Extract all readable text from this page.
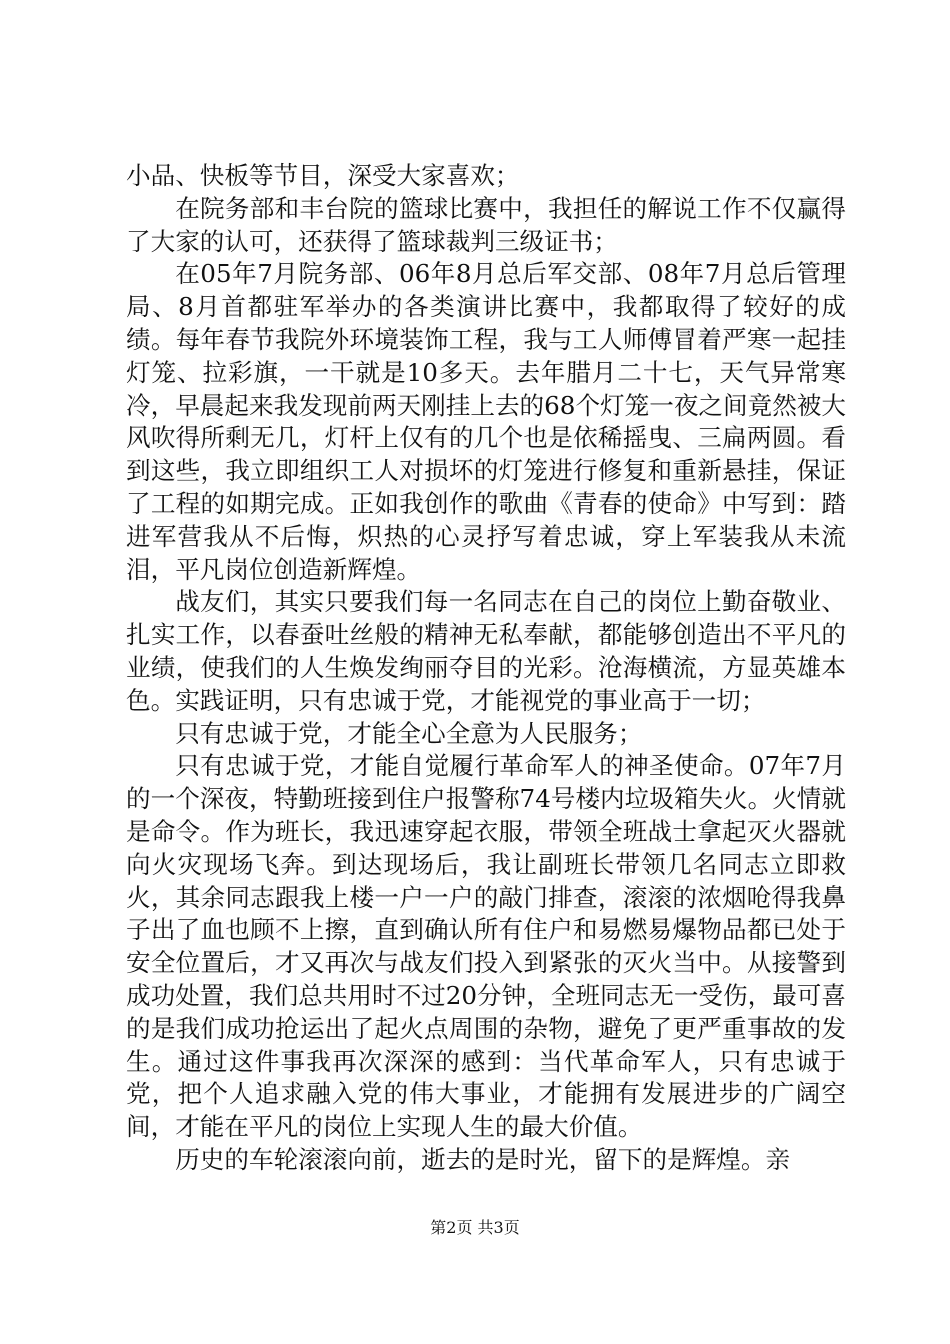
小品、快板等节目，深受大家喜欢；

在院务部和丰台院的篮球比赛中，我担任的解说工作不仅赢得了大家的认可，还获得了篮球裁判三级证书；

在05年7月院务部、06年8月总后军交部、08年7月总后管理局、8月首都驻军举办的各类演讲比赛中，我都取得了较好的成绩。每年春节我院外环境装饰工程，我与工人师傅冒着严寒一起挂灯笼、拉彩旗，一干就是10多天。去年腊月二十七，天气异常寒冷，早晨起来我发现前两天刚挂上去的68个灯笼一夜之间竟然被大风吹得所剩无几，灯杆上仅有的几个也是依稀摇曳、三扁两圆。看到这些，我立即组织工人对损坏的灯笼进行修复和重新悬挂，保证了工程的如期完成。正如我创作的歌曲《青春的使命》中写到：踏进军营我从不后悔，炽热的心灵抒写着忠诚，穿上军装我从未流泪，平凡岗位创造新辉煌。

战友们，其实只要我们每一名同志在自己的岗位上勤奋敬业、扎实工作，以春蚕吐丝般的精神无私奉献，都能够创造出不平凡的业绩，使我们的人生焕发绚丽夺目的光彩。沧海横流，方显英雄本色。实践证明，只有忠诚于党，才能视党的事业高于一切；

只有忠诚于党，才能全心全意为人民服务；

只有忠诚于党，才能自觉履行革命军人的神圣使命。07年7月的一个深夜，特勤班接到住户报警称74号楼内垃圾箱失火。火情就是命令。作为班长，我迅速穿起衣服，带领全班战士拿起灭火器就向火灾现场飞奔。到达现场后，我让副班长带领几名同志立即救火，其余同志跟我上楼一户一户的敲门排查，滚滚的浓烟呛得我鼻子出了血也顾不上擦，直到确认所有住户和易燃易爆物品都已处于安全位置后，才又再次与战友们投入到紧张的灭火当中。从接警到成功处置，我们总共用时不过20分钟，全班同志无一受伤，最可喜的是我们成功抢运出了起火点周围的杂物，避免了更严重事故的发生。通过这件事我再次深深的感到：当代革命军人，只有忠诚于党，把个人追求融入党的伟大事业，才能拥有发展进步的广阔空间，才能在平凡的岗位上实现人生的最大价值。

历史的车轮滚滚向前，逝去的是时光，留下的是辉煌。亲

第2页 共3页
